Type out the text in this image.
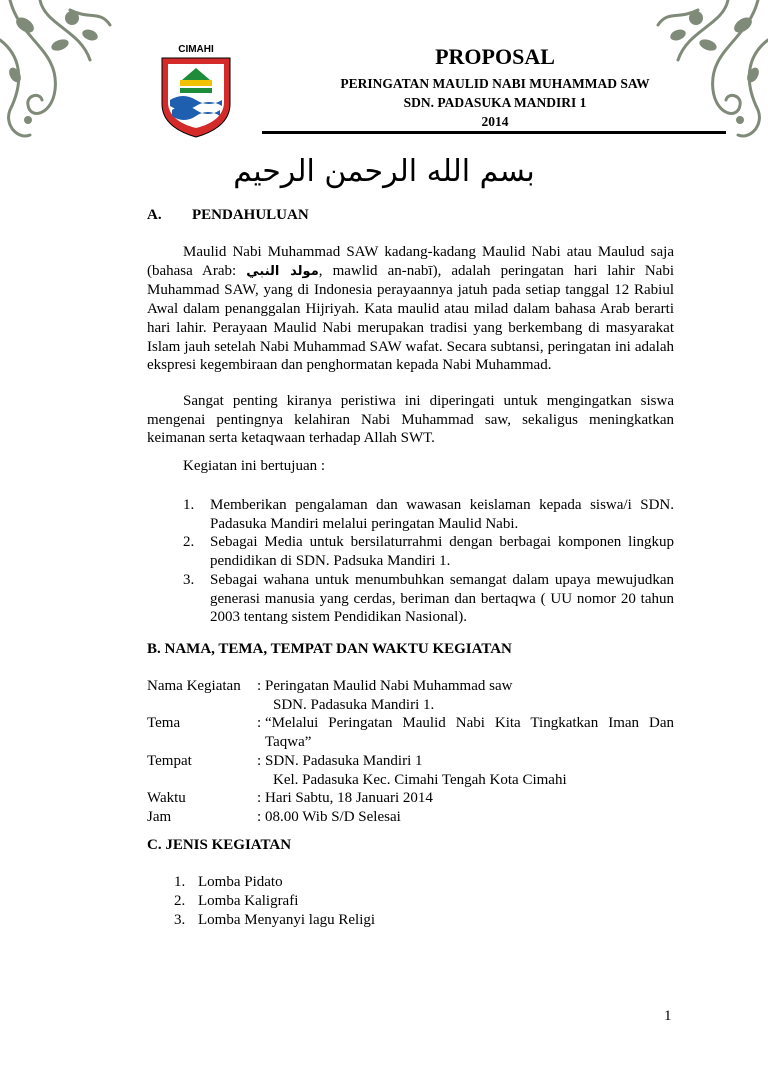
CIMAHI	PROPOSAL
PERINGATAN MAULID NABI MUHAMMAD SAW
SDN. PADASUKA MANDIRI 1
2014
بسم الله الرحمن الرحيم
A. PENDAHULUAN
Maulid Nabi Muhammad SAW kadang-kadang Maulid Nabi atau Maulud saja (bahasa Arab: مولد النبي, mawlid an-nabī), adalah peringatan hari lahir Nabi Muhammad SAW, yang di Indonesia perayaannya jatuh pada setiap tanggal 12 Rabiul Awal dalam penanggalan Hijriyah. Kata maulid atau milad dalam bahasa Arab berarti hari lahir. Perayaan Maulid Nabi merupakan tradisi yang berkembang di masyarakat Islam jauh setelah Nabi Muhammad SAW wafat. Secara subtansi, peringatan ini adalah ekspresi kegembiraan dan penghormatan kepada Nabi Muhammad.
Sangat penting kiranya peristiwa ini diperingati untuk mengingatkan siswa mengenai pentingnya kelahiran Nabi Muhammad saw, sekaligus meningkatkan keimanan serta ketaqwaan terhadap Allah SWT.
Kegiatan ini bertujuan :
1.	Memberikan pengalaman dan wawasan keislaman kepada siswa/i SDN. Padasuka Mandiri melalui peringatan Maulid Nabi.
2.	Sebagai Media untuk bersilaturrahmi dengan berbagai komponen lingkup pendidikan di SDN. Padsuka Mandiri 1.
3.	Sebagai wahana untuk menumbuhkan semangat dalam upaya mewujudkan generasi manusia yang cerdas, beriman dan bertaqwa ( UU nomor 20 tahun 2003 tentang sistem Pendidikan Nasional).
B. NAMA, TEMA, TEMPAT DAN WAKTU KEGIATAN
Nama Kegiatan	: Peringatan Maulid Nabi Muhammad saw
SDN. Padasuka Mandiri 1.
Tema	: “Melalui Peringatan Maulid Nabi Kita Tingkatkan Iman Dan Taqwa”
Tempat	: SDN. Padasuka Mandiri 1
Kel. Padasuka Kec. Cimahi Tengah Kota Cimahi
Waktu	: Hari Sabtu, 18 Januari 2014
Jam	: 08.00 Wib S/D Selesai
C. JENIS KEGIATAN
1. Lomba Pidato
2. Lomba Kaligrafi
3. Lomba Menyanyi lagu Religi
1
